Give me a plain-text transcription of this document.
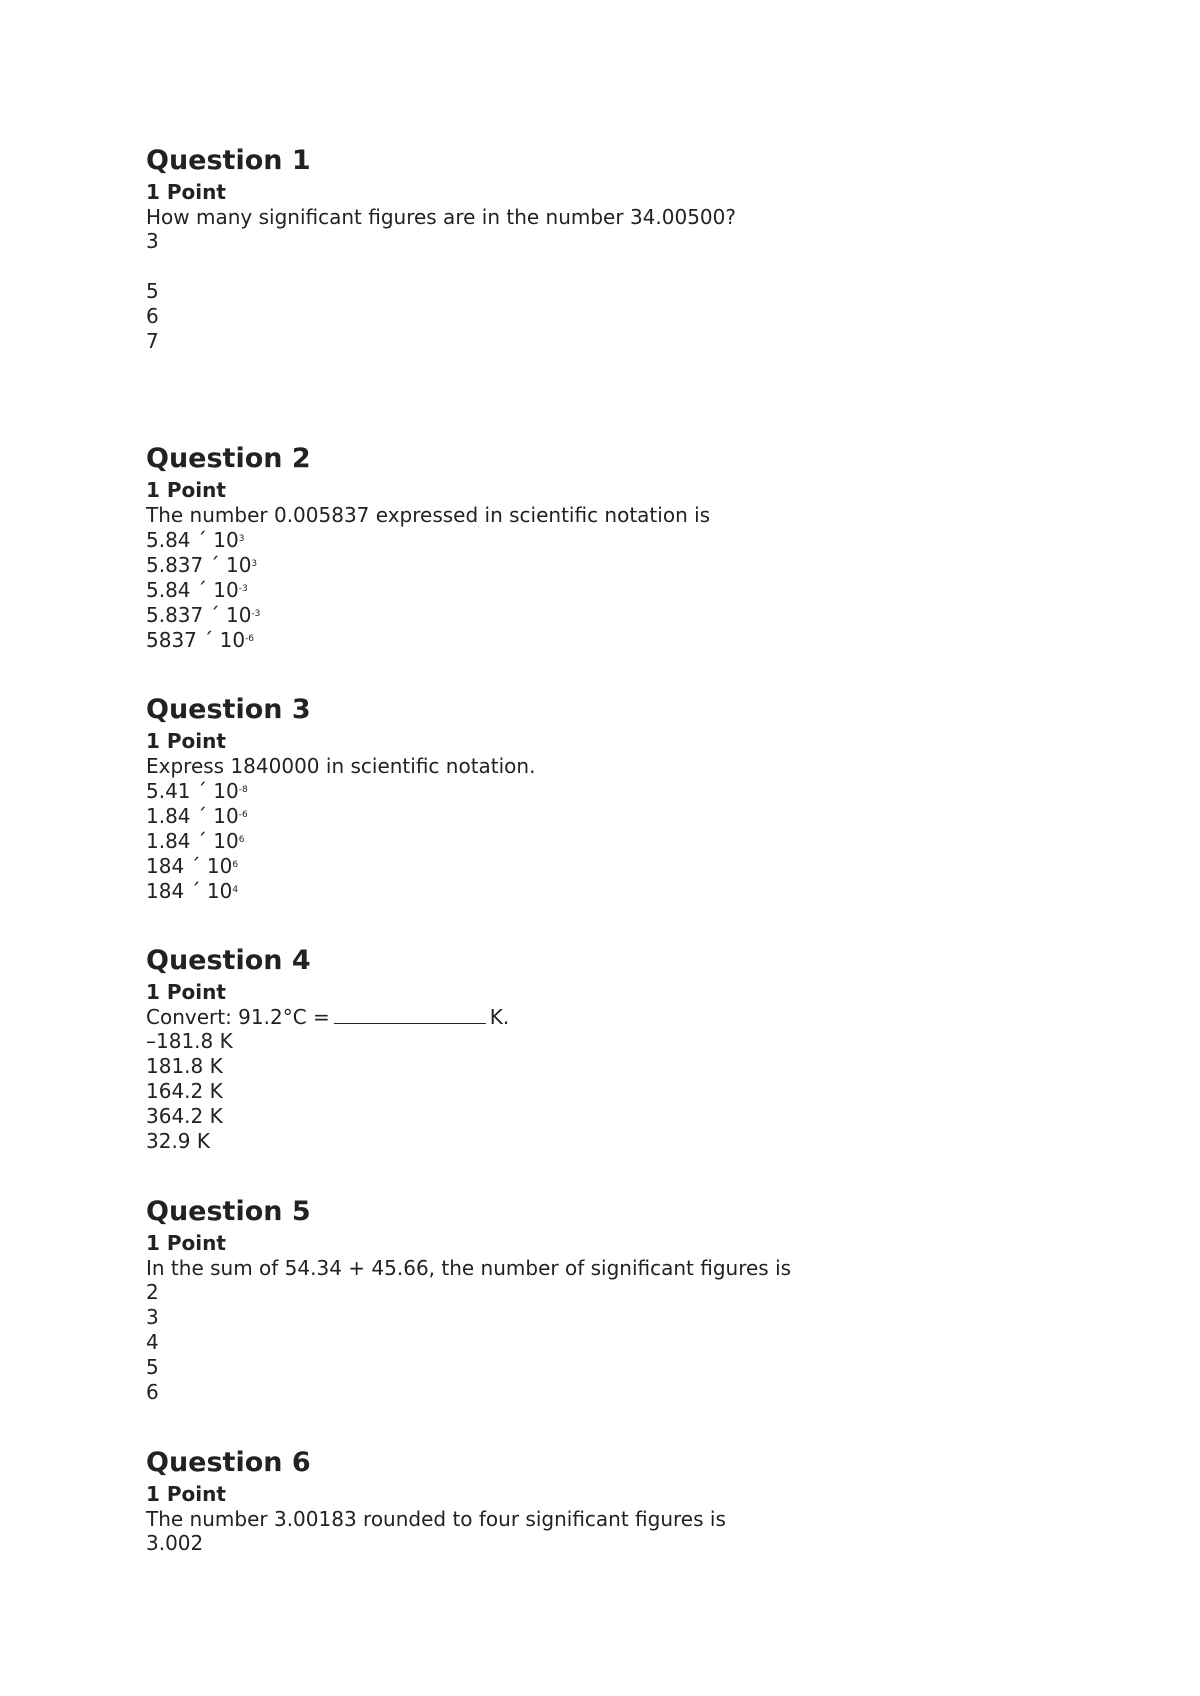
Question 1
1 Point
How many significant figures are in the number 34.00500?
3
5
6
7
Question 2
1 Point
The number 0.005837 expressed in scientific notation is
5.84 ´ $10^3$
5.837 ´ $10^3$
5.84 ´ $10^{-3}$
5.837 ´ $10^{-3}$
5837 ´ $10^{-6}$
Question 3
1 Point
Express 1840000 in scientific notation.
5.41 ´ $10^{-8}$
1.84 ´ $10^{-6}$
1.84 ´ $10^6$
184 ´ $10^6$
184 ´ $10^4$
Question 4
1 Point
Convert: 91.2°C =	K.
–181.8 K
181.8 K
164.2 K
364.2 K
32.9 K
Question 5
1 Point
In the sum of 54.34 + 45.66, the number of significant figures is
2
3
4
5
6
Question 6
1 Point
The number 3.00183 rounded to four significant figures is
3.002
